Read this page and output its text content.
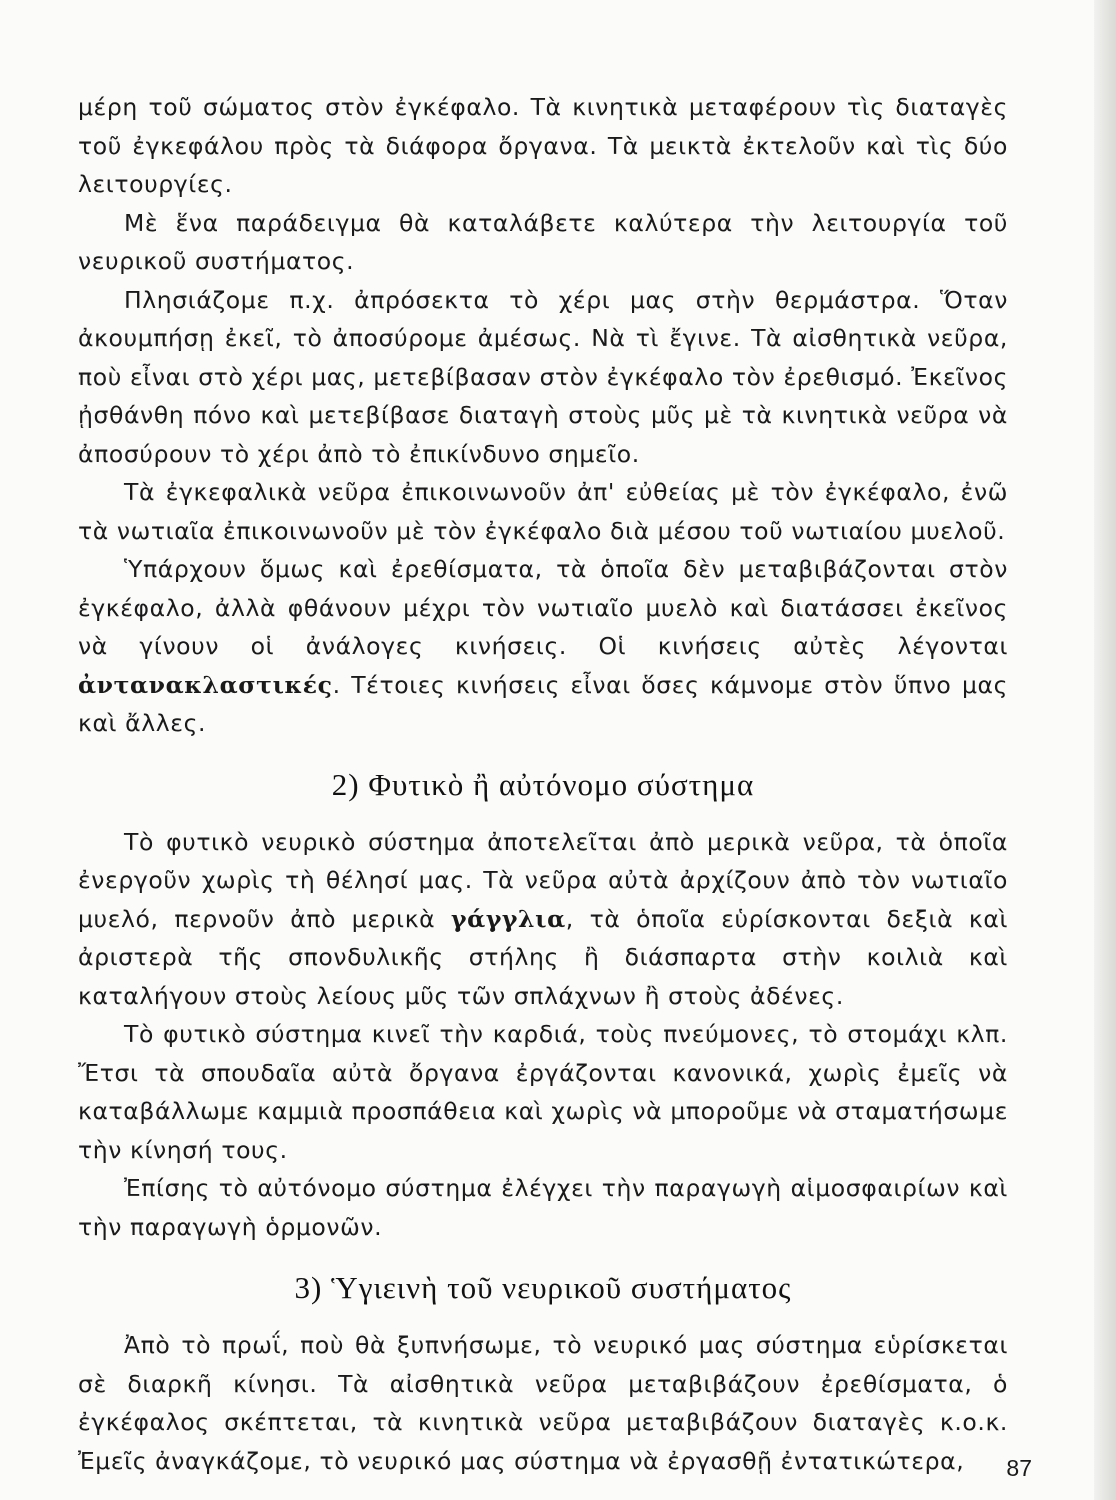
μέρη τοῦ σώματος στὸν ἐγκέφαλο. Τὰ κινητικὰ μεταφέρουν τὶς διαταγὲς τοῦ ἐγκεφάλου πρὸς τὰ διάφορα ὄργανα. Τὰ μεικτὰ ἐκτελοῦν καὶ τὶς δύο λειτουργίες.

Μὲ ἕνα παράδειγμα θὰ καταλάβετε καλύτερα τὴν λειτουργία τοῦ νευρικοῦ συστήματος.

Πλησιάζομε π.χ. ἀπρόσεκτα τὸ χέρι μας στὴν θερμάστρα. Ὅταν ἀκουμπήσῃ ἐκεῖ, τὸ ἀποσύρομε ἀμέσως. Νὰ τὶ ἔγινε. Τὰ αἰσθητικὰ νεῦρα, ποὺ εἶναι στὸ χέρι μας, μετεβίβασαν στὸν ἐγκέφαλο τὸν ἐρεθισμό. Ἐκεῖνος ᾐσθάνθη πόνο καὶ μετεβίβασε διαταγὴ στοὺς μῦς μὲ τὰ κινητικὰ νεῦρα νὰ ἀποσύρουν τὸ χέρι ἀπὸ τὸ ἐπικίνδυνο σημεῖο.

Τὰ ἐγκεφαλικὰ νεῦρα ἐπικοινωνοῦν ἀπ' εὐθείας μὲ τὸν ἐγκέφαλο, ἐνῶ τὰ νωτιαῖα ἐπικοινωνοῦν μὲ τὸν ἐγκέφαλο διὰ μέσου τοῦ νωτιαίου μυελοῦ.

Ὑπάρχουν ὅμως καὶ ἐρεθίσματα, τὰ ὁποῖα δὲν μεταβιβάζονται στὸν ἐγκέφαλο, ἀλλὰ φθάνουν μέχρι τὸν νωτιαῖο μυελὸ καὶ διατάσσει ἐκεῖνος νὰ γίνουν οἱ ἀνάλογες κινήσεις. Οἱ κινήσεις αὐτὲς λέγονται ἀντανακλαστικές. Τέτοιες κινήσεις εἶναι ὅσες κάμνομε στὸν ὕπνο μας καὶ ἄλλες.

2) Φυτικὸ ἢ αὐτόνομο σύστημα

Τὸ φυτικὸ νευρικὸ σύστημα ἀποτελεῖται ἀπὸ μερικὰ νεῦρα, τὰ ὁποῖα ἐνεργοῦν χωρὶς τὴ θέλησί μας. Τὰ νεῦρα αὐτὰ ἀρχίζουν ἀπὸ τὸν νωτιαῖο μυελό, περνοῦν ἀπὸ μερικὰ γάγγλια, τὰ ὁποῖα εὑρίσκονται δεξιὰ καὶ ἀριστερὰ τῆς σπονδυλικῆς στήλης ἢ διάσπαρτα στὴν κοιλιὰ καὶ καταλήγουν στοὺς λείους μῦς τῶν σπλάχνων ἢ στοὺς ἀδένες.

Τὸ φυτικὸ σύστημα κινεῖ τὴν καρδιά, τοὺς πνεύμονες, τὸ στομάχι κλπ. Ἔτσι τὰ σπουδαῖα αὐτὰ ὄργανα ἐργάζονται κανονικά, χωρὶς ἐμεῖς νὰ καταβάλλωμε καμμιὰ προσπάθεια καὶ χωρὶς νὰ μποροῦμε νὰ σταματήσωμε τὴν κίνησή τους.

Ἐπίσης τὸ αὐτόνομο σύστημα ἐλέγχει τὴν παραγωγὴ αἱμοσφαιρίων καὶ τὴν παραγωγὴ ὁρμονῶν.

3) Ὑγιεινὴ τοῦ νευρικοῦ συστήματος

Ἀπὸ τὸ πρωΐ, ποὺ θὰ ξυπνήσωμε, τὸ νευρικό μας σύστημα εὑρίσκεται σὲ διαρκῆ κίνησι. Τὰ αἰσθητικὰ νεῦρα μεταβιβάζουν ἐρεθίσματα, ὁ ἐγκέφαλος σκέπτεται, τὰ κινητικὰ νεῦρα μεταβιβάζουν διαταγὲς κ.ο.κ. Ἐμεῖς ἀναγκάζομε, τὸ νευρικό μας σύστημα νὰ ἐργασθῇ ἐντατικώτερα,	87
